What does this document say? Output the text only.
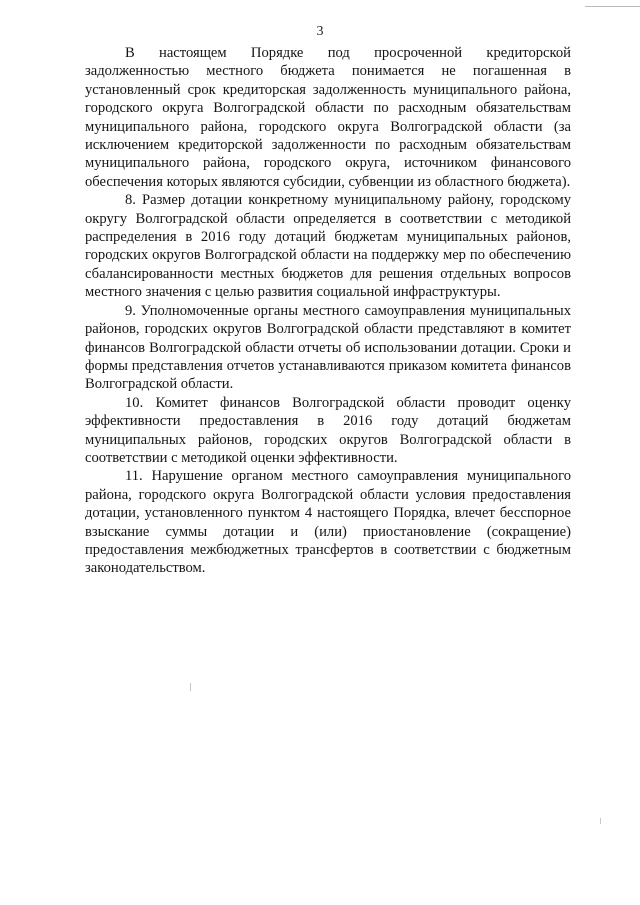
3

В настоящем Порядке под просроченной кредиторской задолженностью местного бюджета понимается не погашенная в установленный срок кредиторская задолженность муниципального района, городского округа Волгоградской области по расходным обязательствам муниципального района, городского округа Волгоградской области (за исключением кредиторской задолженности по расходным обязательствам муниципального района, городского округа, источником финансового обеспечения которых являются субсидии, субвенции из областного бюджета).

8. Размер дотации конкретному муниципальному району, городскому округу Волгоградской области определяется в соответствии с методикой распределения в 2016 году дотаций бюджетам муниципальных районов, городских округов Волгоградской области на поддержку мер по обеспечению сбалансированности местных бюджетов для решения отдельных вопросов местного значения с целью развития социальной инфраструктуры.

9. Уполномоченные органы местного самоуправления муниципальных районов, городских округов Волгоградской области представляют в комитет финансов Волгоградской области отчеты об использовании дотации. Сроки и формы представления отчетов устанавливаются приказом комитета финансов Волгоградской области.

10. Комитет финансов Волгоградской области проводит оценку эффективности предоставления в 2016 году дотаций бюджетам муниципальных районов, городских округов Волгоградской области в соответствии с методикой оценки эффективности.

11. Нарушение органом местного самоуправления муниципального района, городского округа Волгоградской области условия предоставления дотации, установленного пунктом 4 настоящего Порядка, влечет бесспорное взыскание суммы дотации и (или) приостановление (сокращение) предоставления межбюджетных трансфертов в соответствии с бюджетным законодательством.
